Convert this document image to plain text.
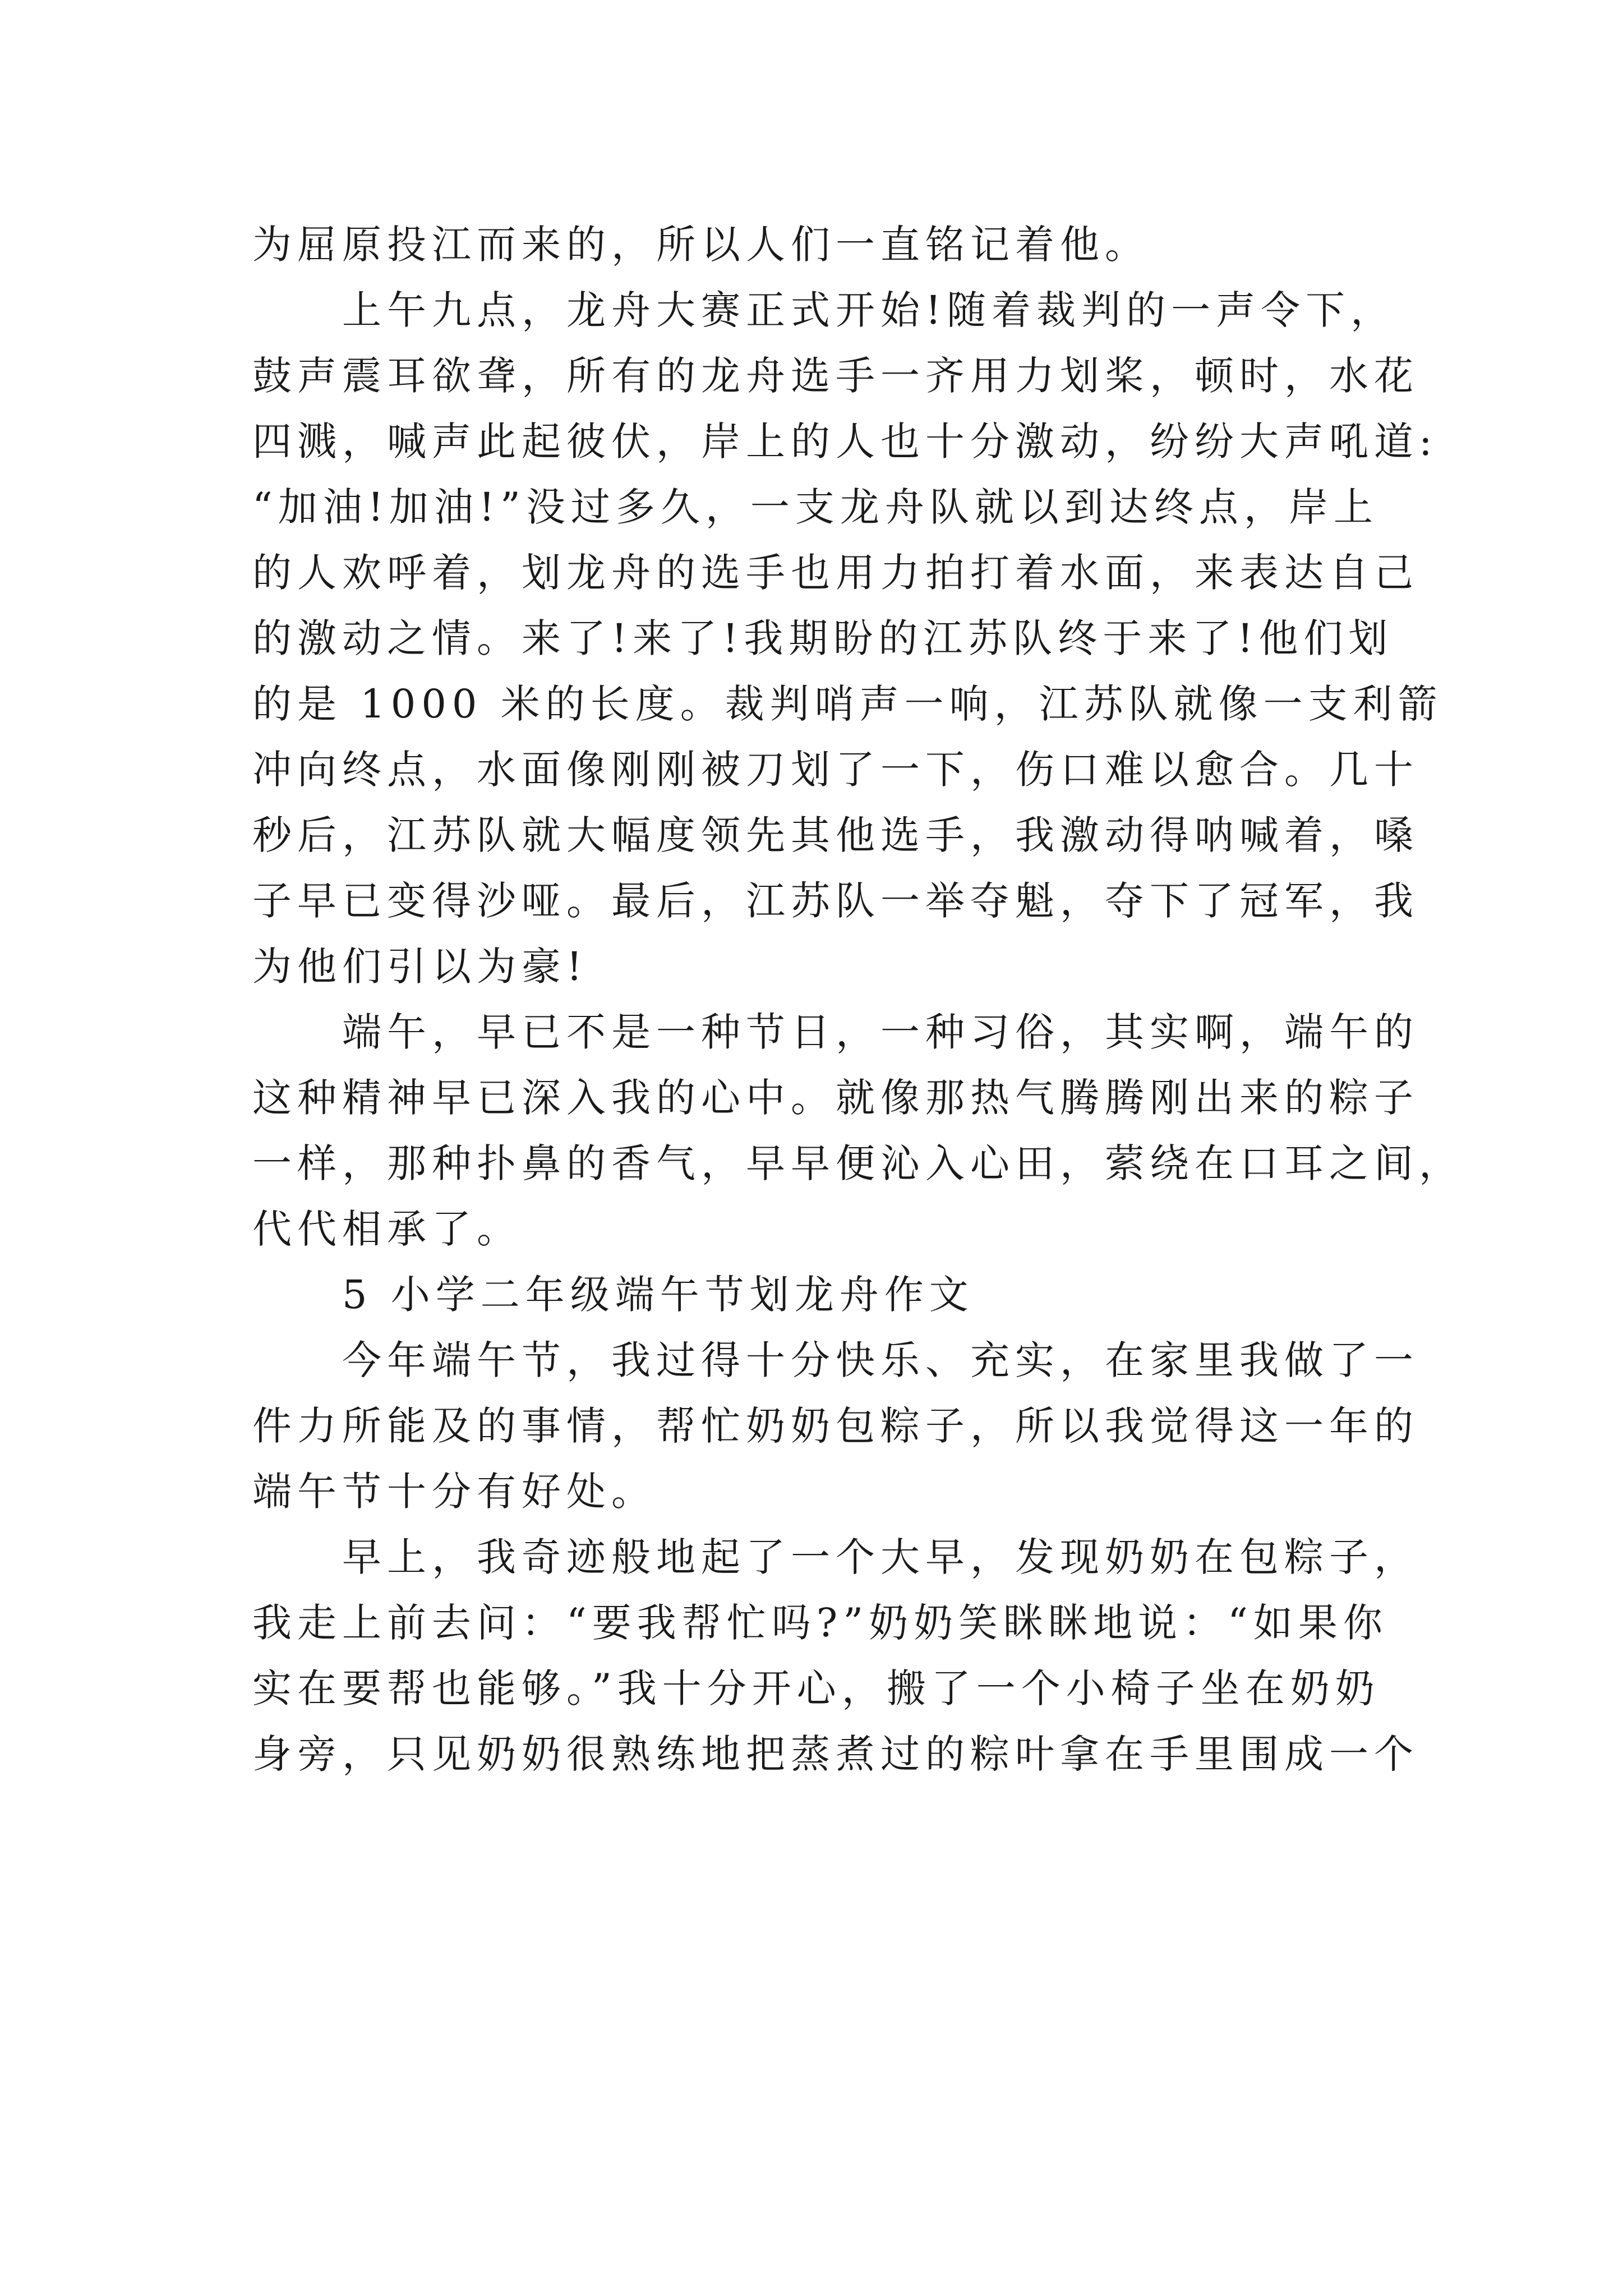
为屈原投江而来的，所以人们一直铭记着他。
上午九点，龙舟大赛正式开始!随着裁判的一声令下，
鼓声震耳欲聋，所有的龙舟选手一齐用力划桨，顿时，水花
四溅，喊声此起彼伏，岸上的人也十分激动，纷纷大声吼道:
“加油!加油!”没过多久，一支龙舟队就以到达终点，岸上
的人欢呼着，划龙舟的选手也用力拍打着水面，来表达自己
的激动之情。来了!来了!我期盼的江苏队终于来了!他们划
的是 1000 米的长度。裁判哨声一响，江苏队就像一支利箭
冲向终点，水面像刚刚被刀划了一下，伤口难以愈合。几十
秒后，江苏队就大幅度领先其他选手，我激动得呐喊着，嗓
子早已变得沙哑。最后，江苏队一举夺魁，夺下了冠军，我
为他们引以为豪!
端午，早已不是一种节日，一种习俗，其实啊，端午的
这种精神早已深入我的心中。就像那热气腾腾刚出来的粽子
一样，那种扑鼻的香气，早早便沁入心田，萦绕在口耳之间，
代代相承了。
5 小学二年级端午节划龙舟作文
今年端午节，我过得十分快乐、充实，在家里我做了一
件力所能及的事情，帮忙奶奶包粽子，所以我觉得这一年的
端午节十分有好处。
早上，我奇迹般地起了一个大早，发现奶奶在包粽子，
我走上前去问：“要我帮忙吗?”奶奶笑眯眯地说：“如果你
实在要帮也能够。”我十分开心，搬了一个小椅子坐在奶奶
身旁，只见奶奶很熟练地把蒸煮过的粽叶拿在手里围成一个
